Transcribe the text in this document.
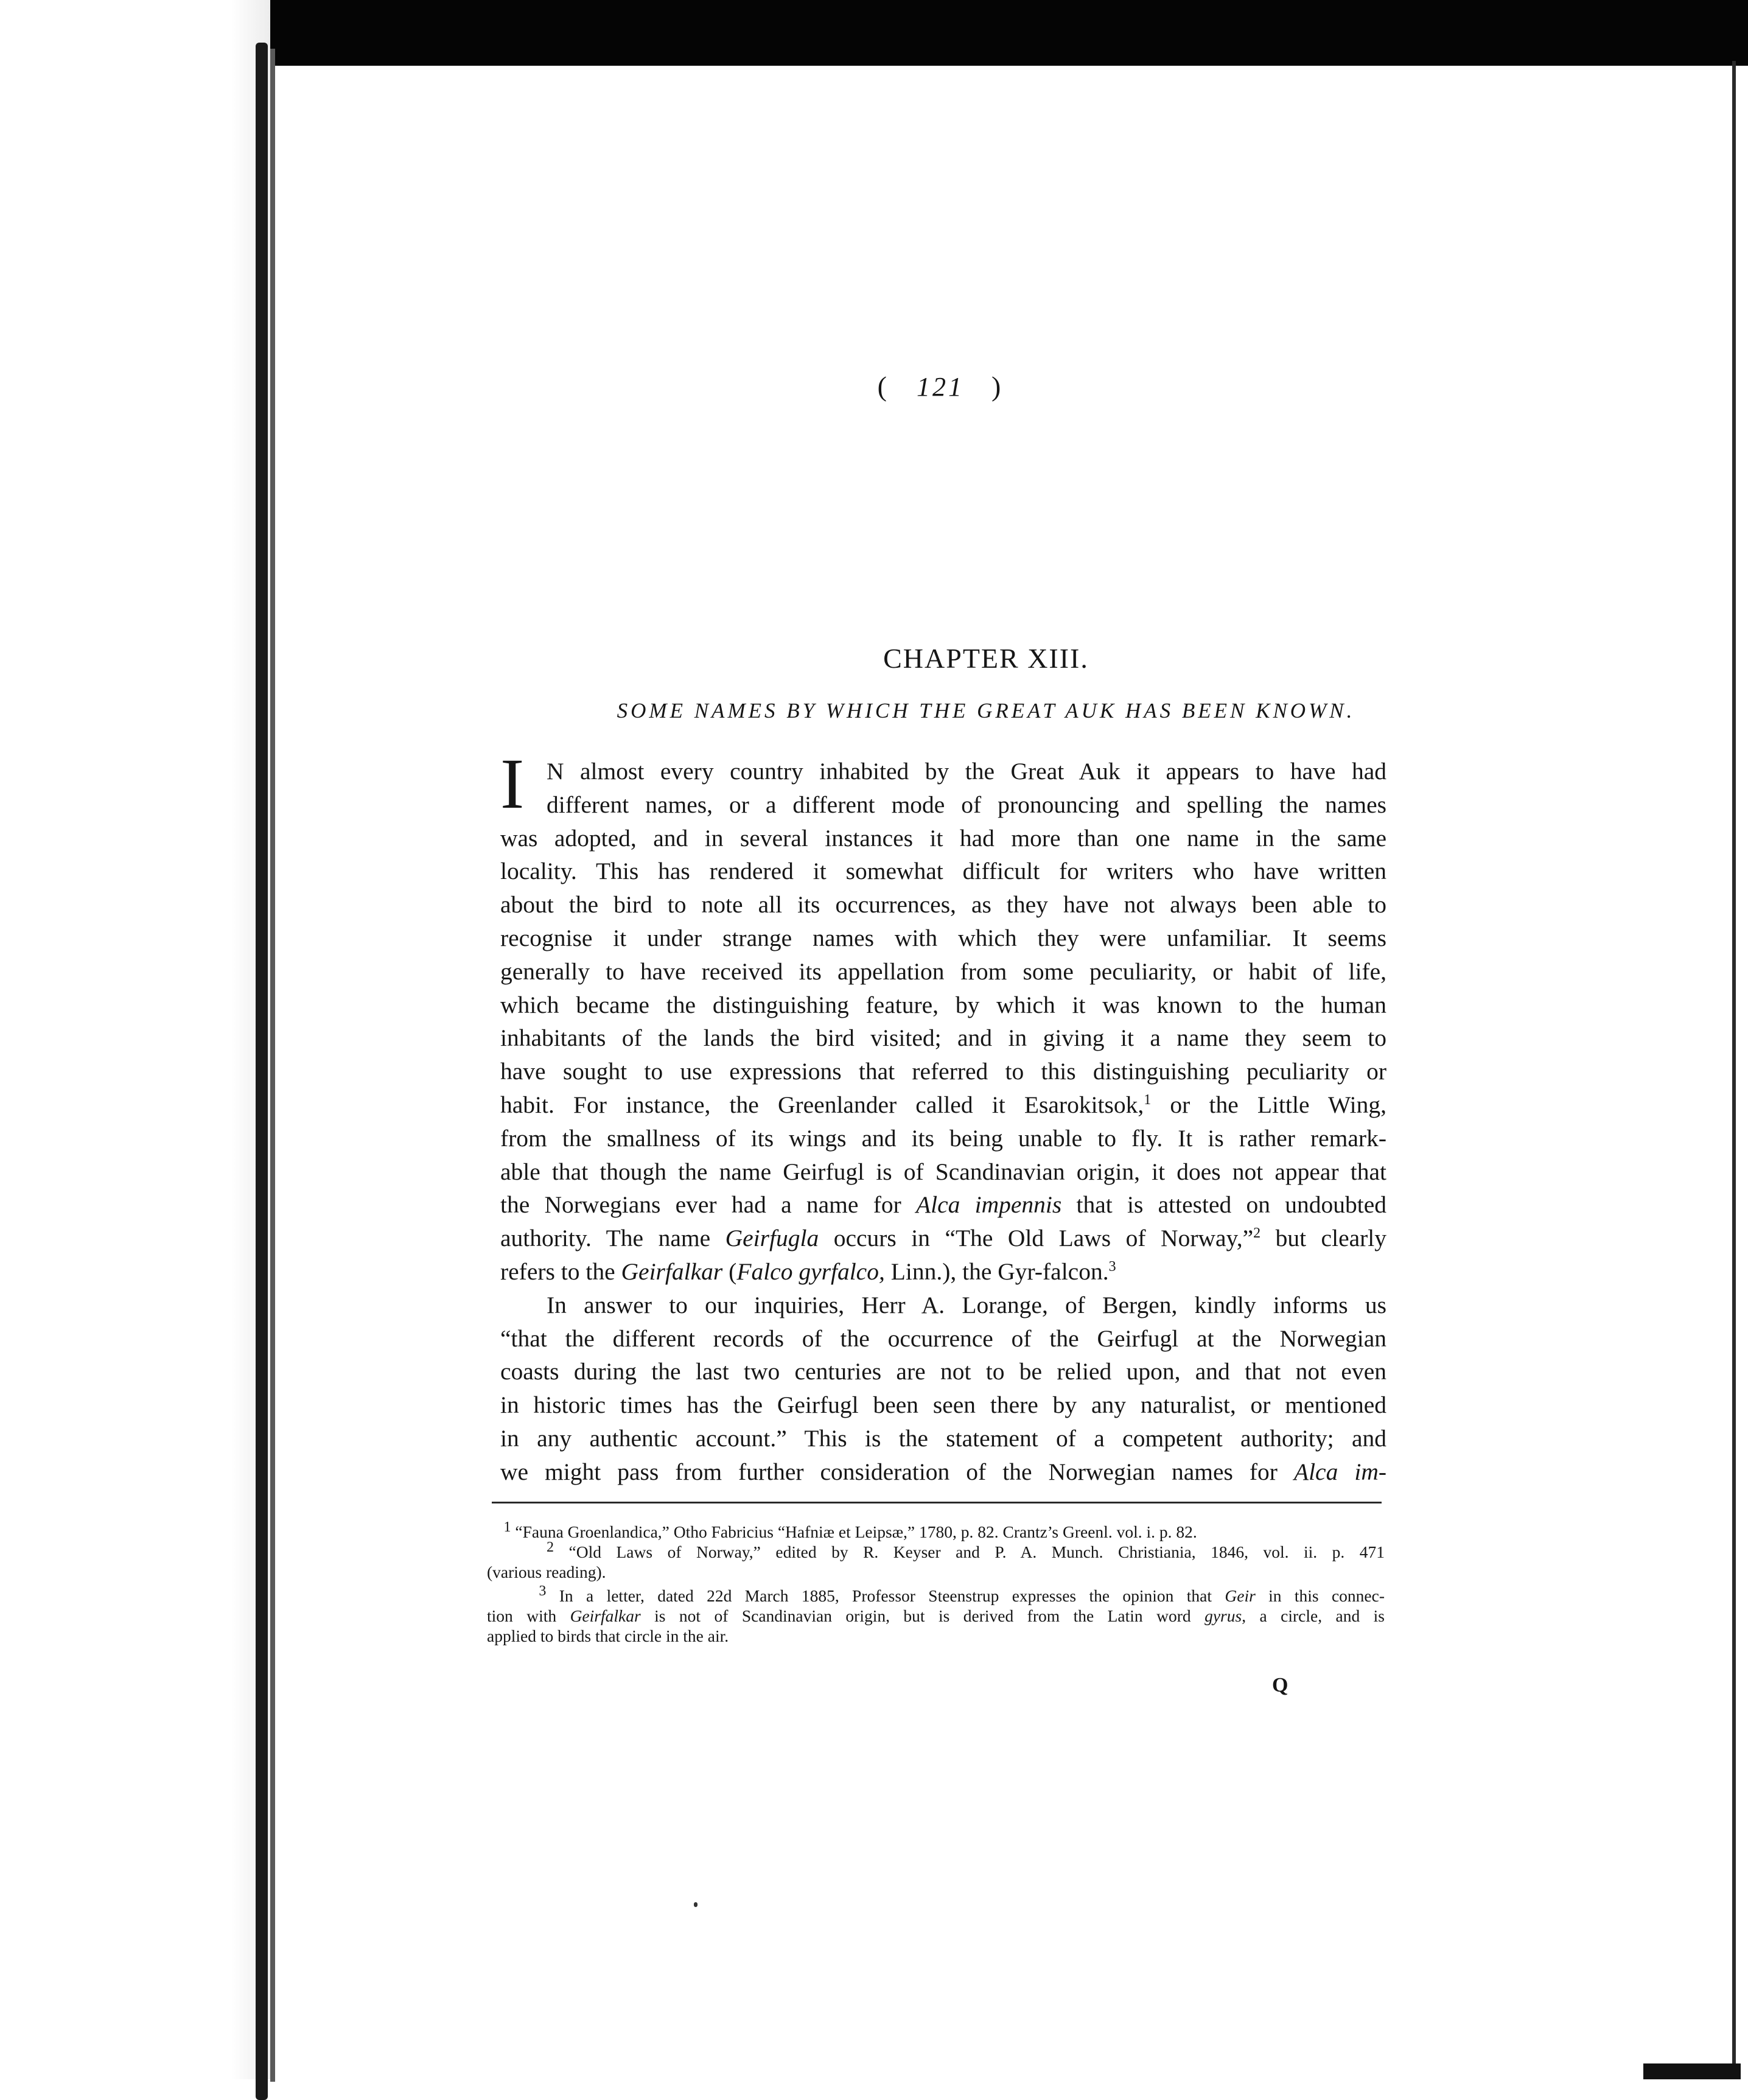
( 121 )
CHAPTER XIII.
SOME NAMES BY WHICH THE GREAT AUK HAS BEEN KNOWN.
I N almost every country inhabited by the Great Auk it appears to have had
different names, or a different mode of pronouncing and spelling the names
was adopted, and in several instances it had more than one name in the same
locality. This has rendered it somewhat difficult for writers who have written
about the bird to note all its occurrences, as they have not always been able to
recognise it under strange names with which they were unfamiliar. It seems
generally to have received its appellation from some peculiarity, or habit of life,
which became the distinguishing feature, by which it was known to the human
inhabitants of the lands the bird visited; and in giving it a name they seem to
have sought to use expressions that referred to this distinguishing peculiarity or
habit. For instance, the Greenlander called it Esarokitsok,$^1$ or the Little Wing,
from the smallness of its wings and its being unable to fly. It is rather remark-
able that though the name Geirfugl is of Scandinavian origin, it does not appear that
the Norwegians ever had a name for Alca impennis that is attested on undoubted
authority. The name Geirfugla occurs in “The Old Laws of Norway,”$^2$ but clearly
refers to the Geirfalkar (Falco gyrfalco, Linn.), the Gyr-falcon.$^3$
In answer to our inquiries, Herr A. Lorange, of Bergen, kindly informs us
“that the different records of the occurrence of the Geirfugl at the Norwegian
coasts during the last two centuries are not to be relied upon, and that not even
in historic times has the Geirfugl been seen there by any naturalist, or mentioned
in any authentic account.” This is the statement of a competent authority; and
we might pass from further consideration of the Norwegian names for Alca im-
1 “Fauna Groenlandica,” Otho Fabricius “Hafniæ et Leipsæ,” 1780, p. 82. Crantz’s Greenl. vol. i. p. 82.
2 “Old Laws of Norway,” edited by R. Keyser and P. A. Munch. Christiania, 1846, vol. ii. p. 471
(various reading).
3 In a letter, dated 22d March 1885, Professor Steenstrup expresses the opinion that Geir in this connec-
tion with Geirfalkar is not of Scandinavian origin, but is derived from the Latin word gyrus, a circle, and is
applied to birds that circle in the air.
Q
